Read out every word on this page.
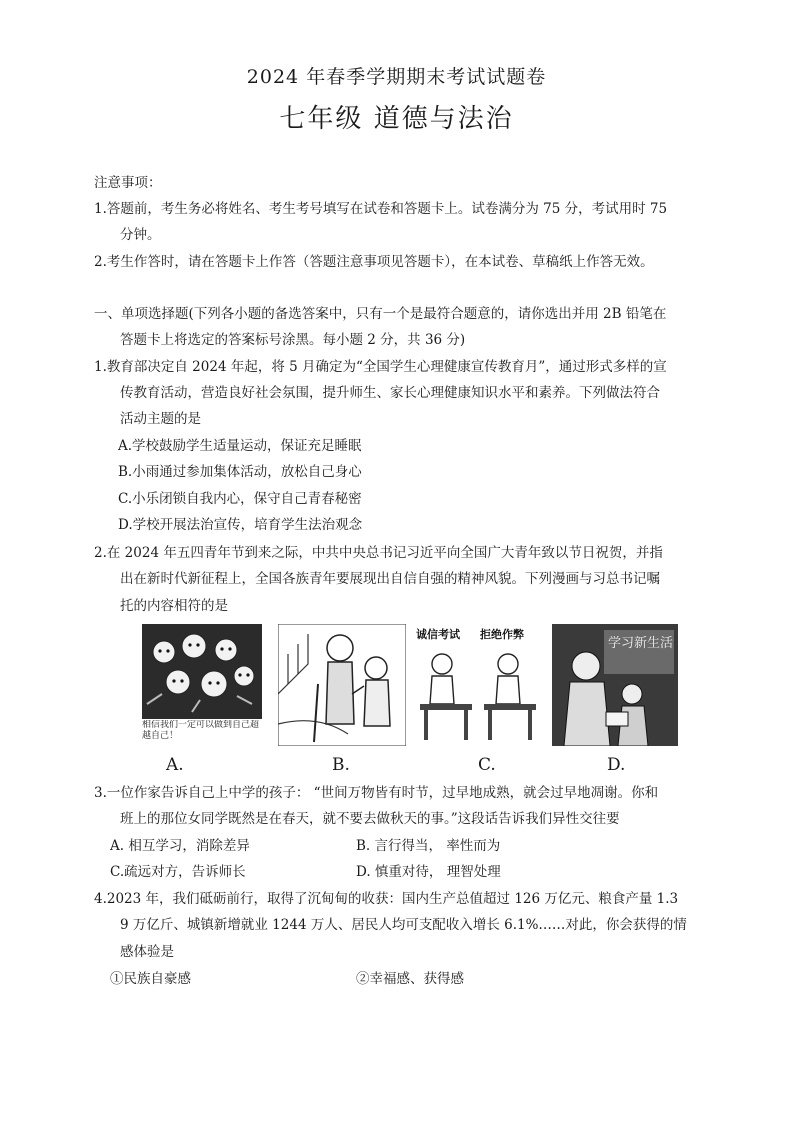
2024 年春季学期期末考试试题卷
七年级 道德与法治
注意事项：
1.答题前，考生务必将姓名、考生考号填写在试卷和答题卡上。试卷满分为 75 分，考试用时 75
分钟。
2.考生作答时，请在答题卡上作答（答题注意事项见答题卡），在本试卷、草稿纸上作答无效。
一、单项选择题(下列各小题的备选答案中，只有一个是最符合题意的，请你选出并用 2B 铅笔在
答题卡上将选定的答案标号涂黑。每小题 2 分，共 36 分)
1.教育部决定自 2024 年起，将 5 月确定为“全国学生心理健康宣传教育月”，通过形式多样的宣
传教育活动，营造良好社会氛围，提升师生、家长心理健康知识水平和素养。下列做法符合
活动主题的是
A.学校鼓励学生适量运动，保证充足睡眠
B.小雨通过参加集体活动，放松自己身心
C.小乐闭锁自我内心，保守自己青春秘密
D.学校开展法治宣传，培育学生法治观念
2.在 2024 年五四青年节到来之际，中共中央总书记习近平向全国广大青年致以节日祝贺，并指
出在新时代新征程上，全国各族青年要展现出自信自强的精神风貌。下列漫画与习总书记嘱
托的内容相符的是
相信我们一定可以做到自己超越自己！
诚信考试	拒绝作弊
学习新生活
A.	B.	C.	D.
3.一位作家告诉自己上中学的孩子： “世间万物皆有时节，过早地成熟，就会过早地凋谢。你和
班上的那位女同学既然是在春天，就不要去做秋天的事。”这段话告诉我们异性交往要
A. 相互学习，消除差异	B. 言行得当， 率性而为
C.疏远对方，告诉师长	D. 慎重对待， 理智处理
4.2023 年，我们砥砺前行，取得了沉甸甸的收获：国内生产总值超过 126 万亿元、粮食产量 1.3
9 万亿斤、城镇新增就业 1244 万人、居民人均可支配收入增长 6.1%……对此，你会获得的情
感体验是
①民族自豪感	②幸福感、获得感
